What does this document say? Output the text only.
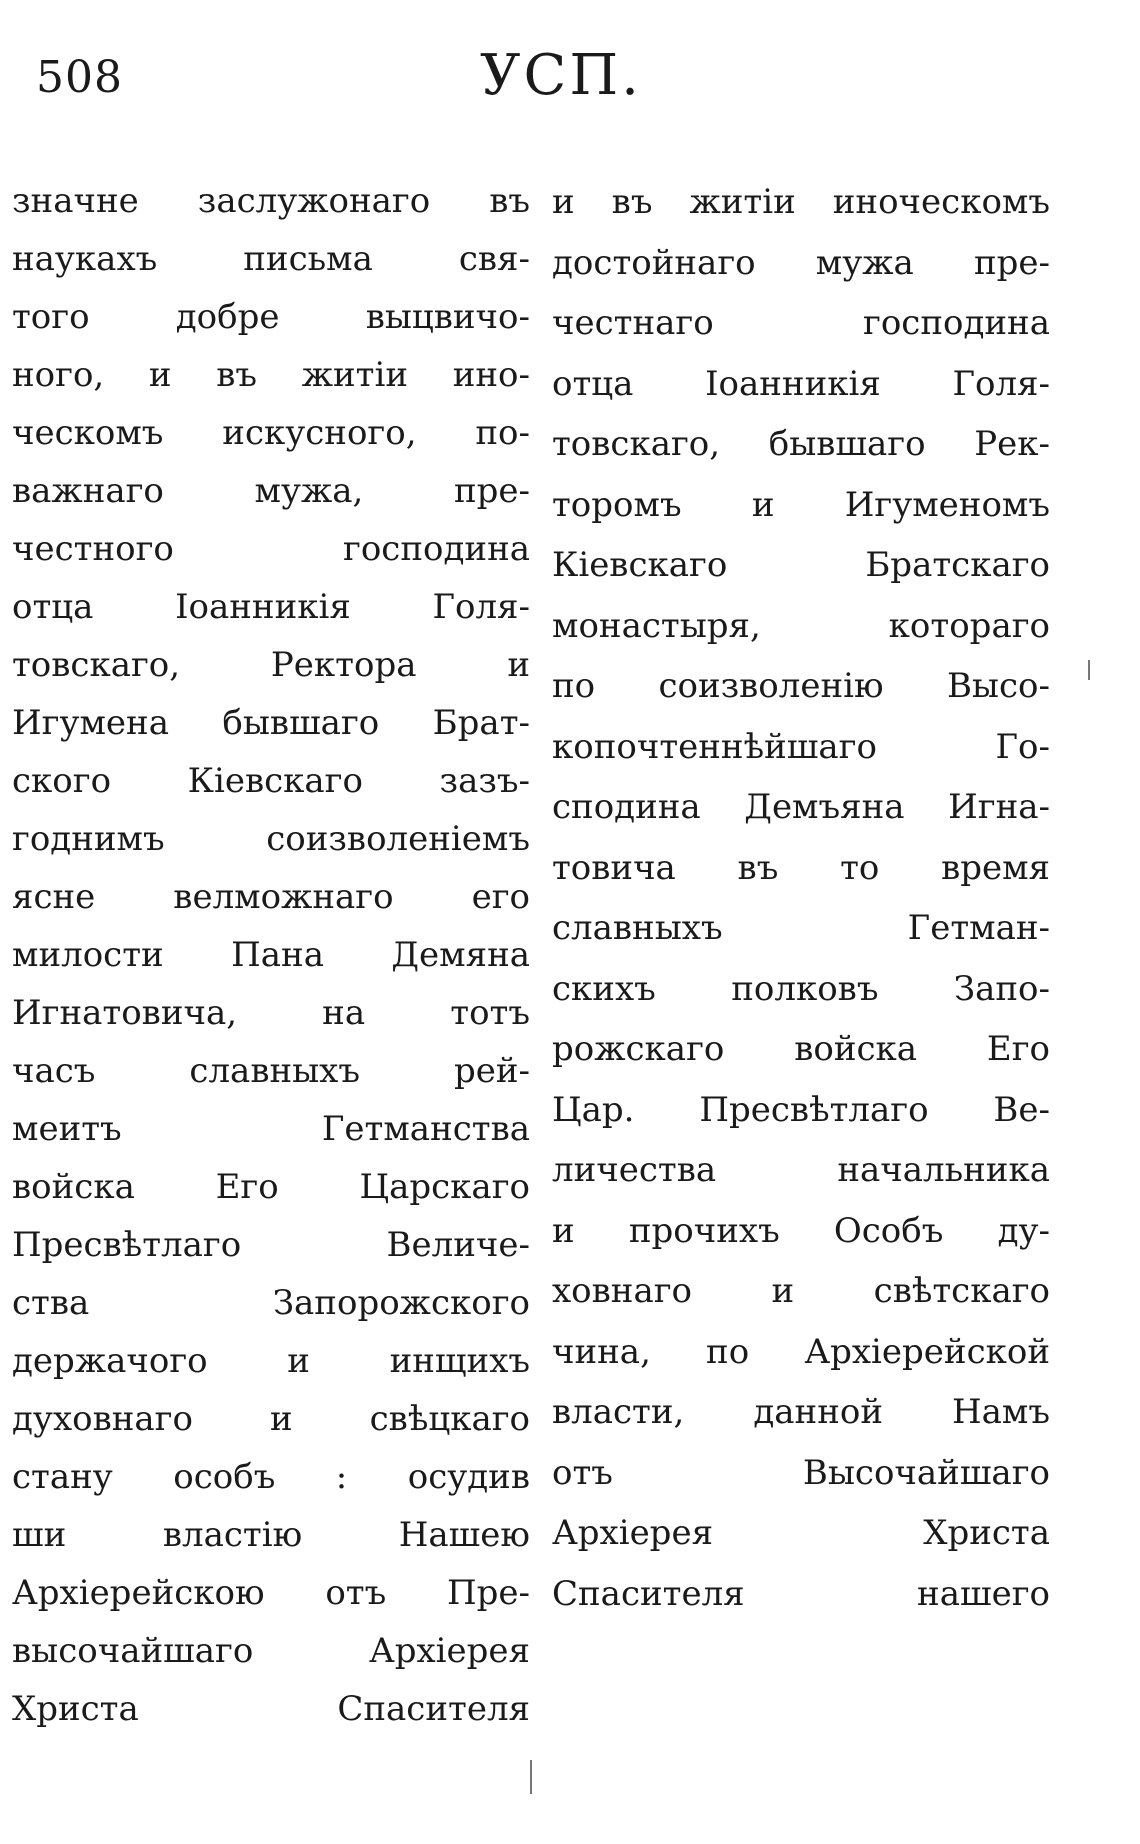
508	УСП.
значне заслужонаго въ
наукахъ письма свя-
того добре выцвичо-
ного, и въ житіи ино-
ческомъ искусного, по-
важнаго мужа, пре-
честного господина
отца Іоанникія Голя-
товскаго, Ректора и
Игумена бывшаго Брат-
ского Кіевскаго зазъ-
годнимъ соизволеніемъ
ясне велможнаго его
милости Пана Демяна
Игнатовича, на тотъ
часъ славныхъ рей-
меитъ Гетманства
войска Его Царскаго
Пресвѣтлаго Величе-
ства Запорожского
держачого и инщихъ
духовнаго и свѣцкаго
стану особъ : осудив
ши властію Нашею
Архіерейскою отъ Пре-
высочайшаго Архіерея
Христа Спасителя
и въ житіи иноческомъ
достойнаго мужа пре-
честнаго господина
отца Іоанникія Голя-
товскаго, бывшаго Рек-
торомъ и Игуменомъ
Кіевскаго Братскаго
монастыря, котораго
по соизволенію Высо-
копочтеннѣйшаго Го-
сподина Демъяна Игна-
товича въ то время
славныхъ Гетман-
скихъ полковъ Запо-
рожскаго войска Его
Цар. Пресвѣтлаго Ве-
личества начальника
и прочихъ Особъ ду-
ховнаго и свѣтскаго
чина, по Архіерейской
власти, данной Намъ
отъ Высочайшаго
Архіерея Христа
Спасителя нашего
